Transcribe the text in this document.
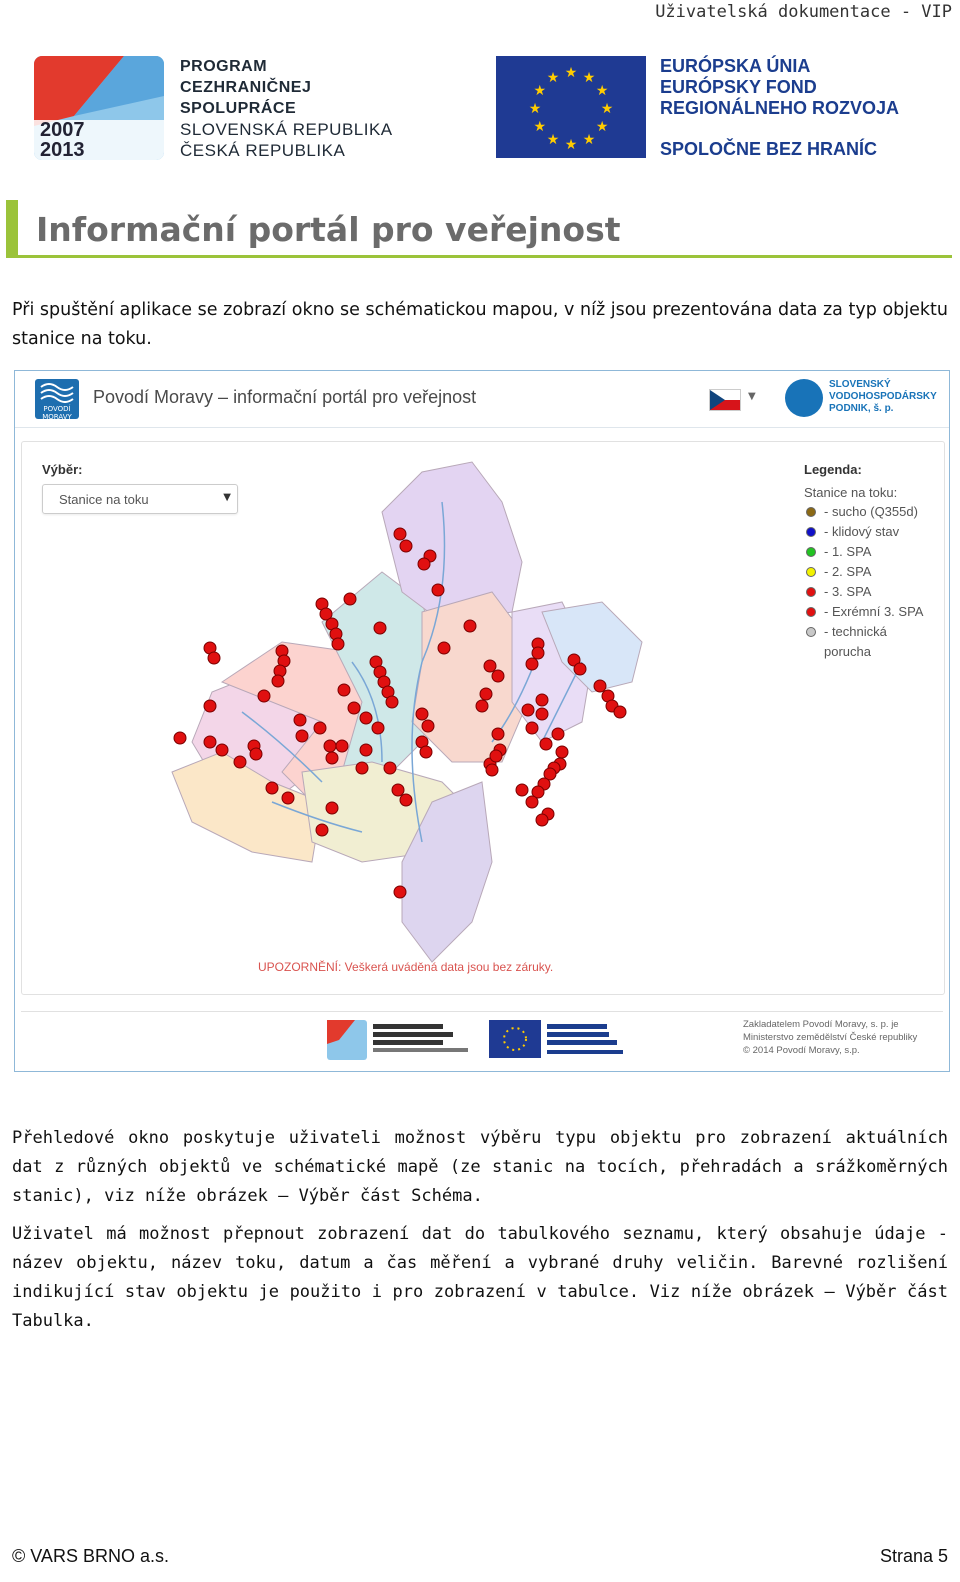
Uživatelská dokumentace - VIP
2007
2013
PROGRAM
CEZHRANIČNEJ
SPOLUPRÁCE
SLOVENSKÁ REPUBLIKA
ČESKÁ REPUBLIKA
★
★
★
★
★
★
★
★
★ ★ ★
★
EURÓPSKA ÚNIA
EURÓPSKY FOND
REGIONÁLNEHO ROZVOJA
SPOLOČNE BEZ HRANÍC
Informační portál pro veřejnost
Při spuštění aplikace se zobrazí okno se schématickou mapou, v níž jsou prezentována data za typ objektu stanice na toku.
POVODÍ MORAVY
Povodí Moravy – informační portál pro veřejnost	▼
SLOVENSKÝ
VODOHOSPODÁRSKY
PODNIK, š. p.
Výběr:
Stanice na toku	▼
Legenda:
Stanice na toku:
- sucho (Q355d)
- klidový stav
- 1. SPA
- 2. SPA
- 3. SPA
- Exrémní 3. SPA
- technická porucha
UPOZORNĚNÍ: Veškerá uváděná data jsou bez záruky.
Zakladatelem Povodí Moravy, s. p. je
Ministerstvo zemědělství České republiky
© 2014 Povodí Moravy, s.p.
Přehledové okno poskytuje uživateli možnost výběru typu objektu pro zobrazení aktuálních dat z různých objektů ve schématické mapě (ze stanic na tocích, přehradách a srážkoměrných stanic), viz níže obrázek – Výběr část Schéma.
Uživatel má možnost přepnout zobrazení dat do tabulkového seznamu, který obsahuje údaje - název objektu, název toku, datum a čas měření a vybrané druhy veličin. Barevné rozlišení indikující stav objektu je použito i pro zobrazení v tabulce. Viz níže obrázek – Výběr část Tabulka.
© VARS BRNO a.s.	Strana 5
